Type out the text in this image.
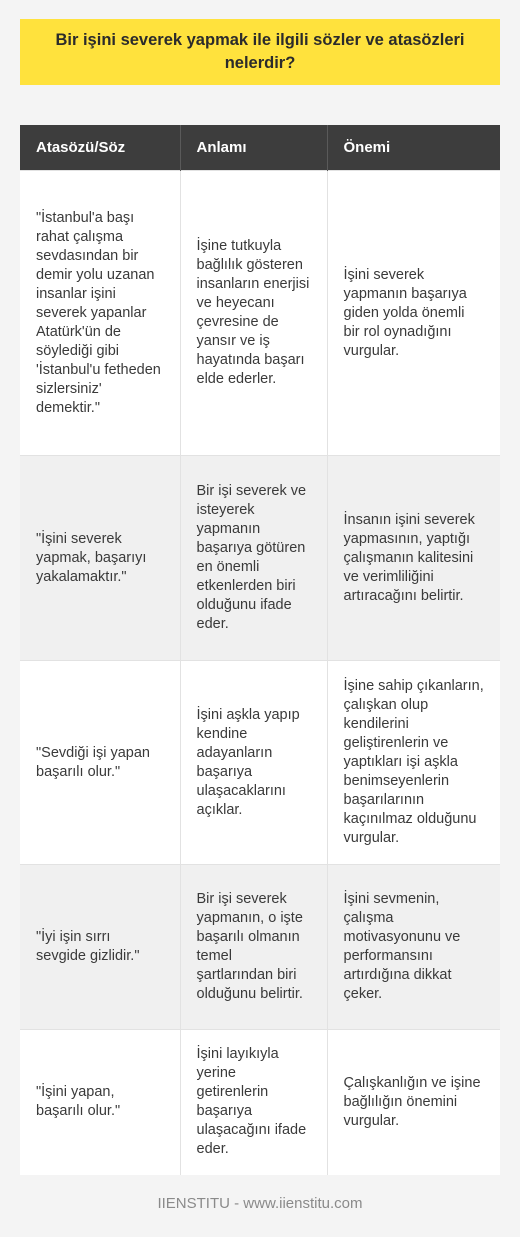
Bir işini severek yapmak ile ilgili sözler ve atasözleri nelerdir?
Atasözü/Söz	Anlamı	Önemi
"İstanbul'a başı rahat çalışma sevdasından bir demir yolu uzanan insanlar işini severek yapanlar Atatürk'ün de söylediği gibi 'İstanbul'u fetheden sizlersiniz' demektir."	İşine tutkuyla bağlılık gösteren insanların enerjisi ve heyecanı çevresine de yansır ve iş hayatında başarı elde ederler.	İşini severek yapmanın başarıya giden yolda önemli bir rol oynadığını vurgular.
"İşini severek yapmak, başarıyı yakalamaktır."	Bir işi severek ve isteyerek yapmanın başarıya götüren en önemli etkenlerden biri olduğunu ifade eder.	İnsanın işini severek yapmasının, yaptığı çalışmanın kalitesini ve verimliliğini artıracağını belirtir.
"Sevdiği işi yapan başarılı olur."	İşini aşkla yapıp kendine adayanların başarıya ulaşacaklarını açıklar.	İşine sahip çıkanların, çalışkan olup kendilerini geliştirenlerin ve yaptıkları işi aşkla benimseyenlerin başarılarının kaçınılmaz olduğunu vurgular.
"İyi işin sırrı sevgide gizlidir."	Bir işi severek yapmanın, o işte başarılı olmanın temel şartlarından biri olduğunu belirtir.	İşini sevmenin, çalışma motivasyonunu ve performansını artırdığına dikkat çeker.
"İşini yapan, başarılı olur."	İşini layıkıyla yerine getirenlerin başarıya ulaşacağını ifade eder.	Çalışkanlığın ve işine bağlılığın önemini vurgular.
IIENSTITU - www.iienstitu.com
